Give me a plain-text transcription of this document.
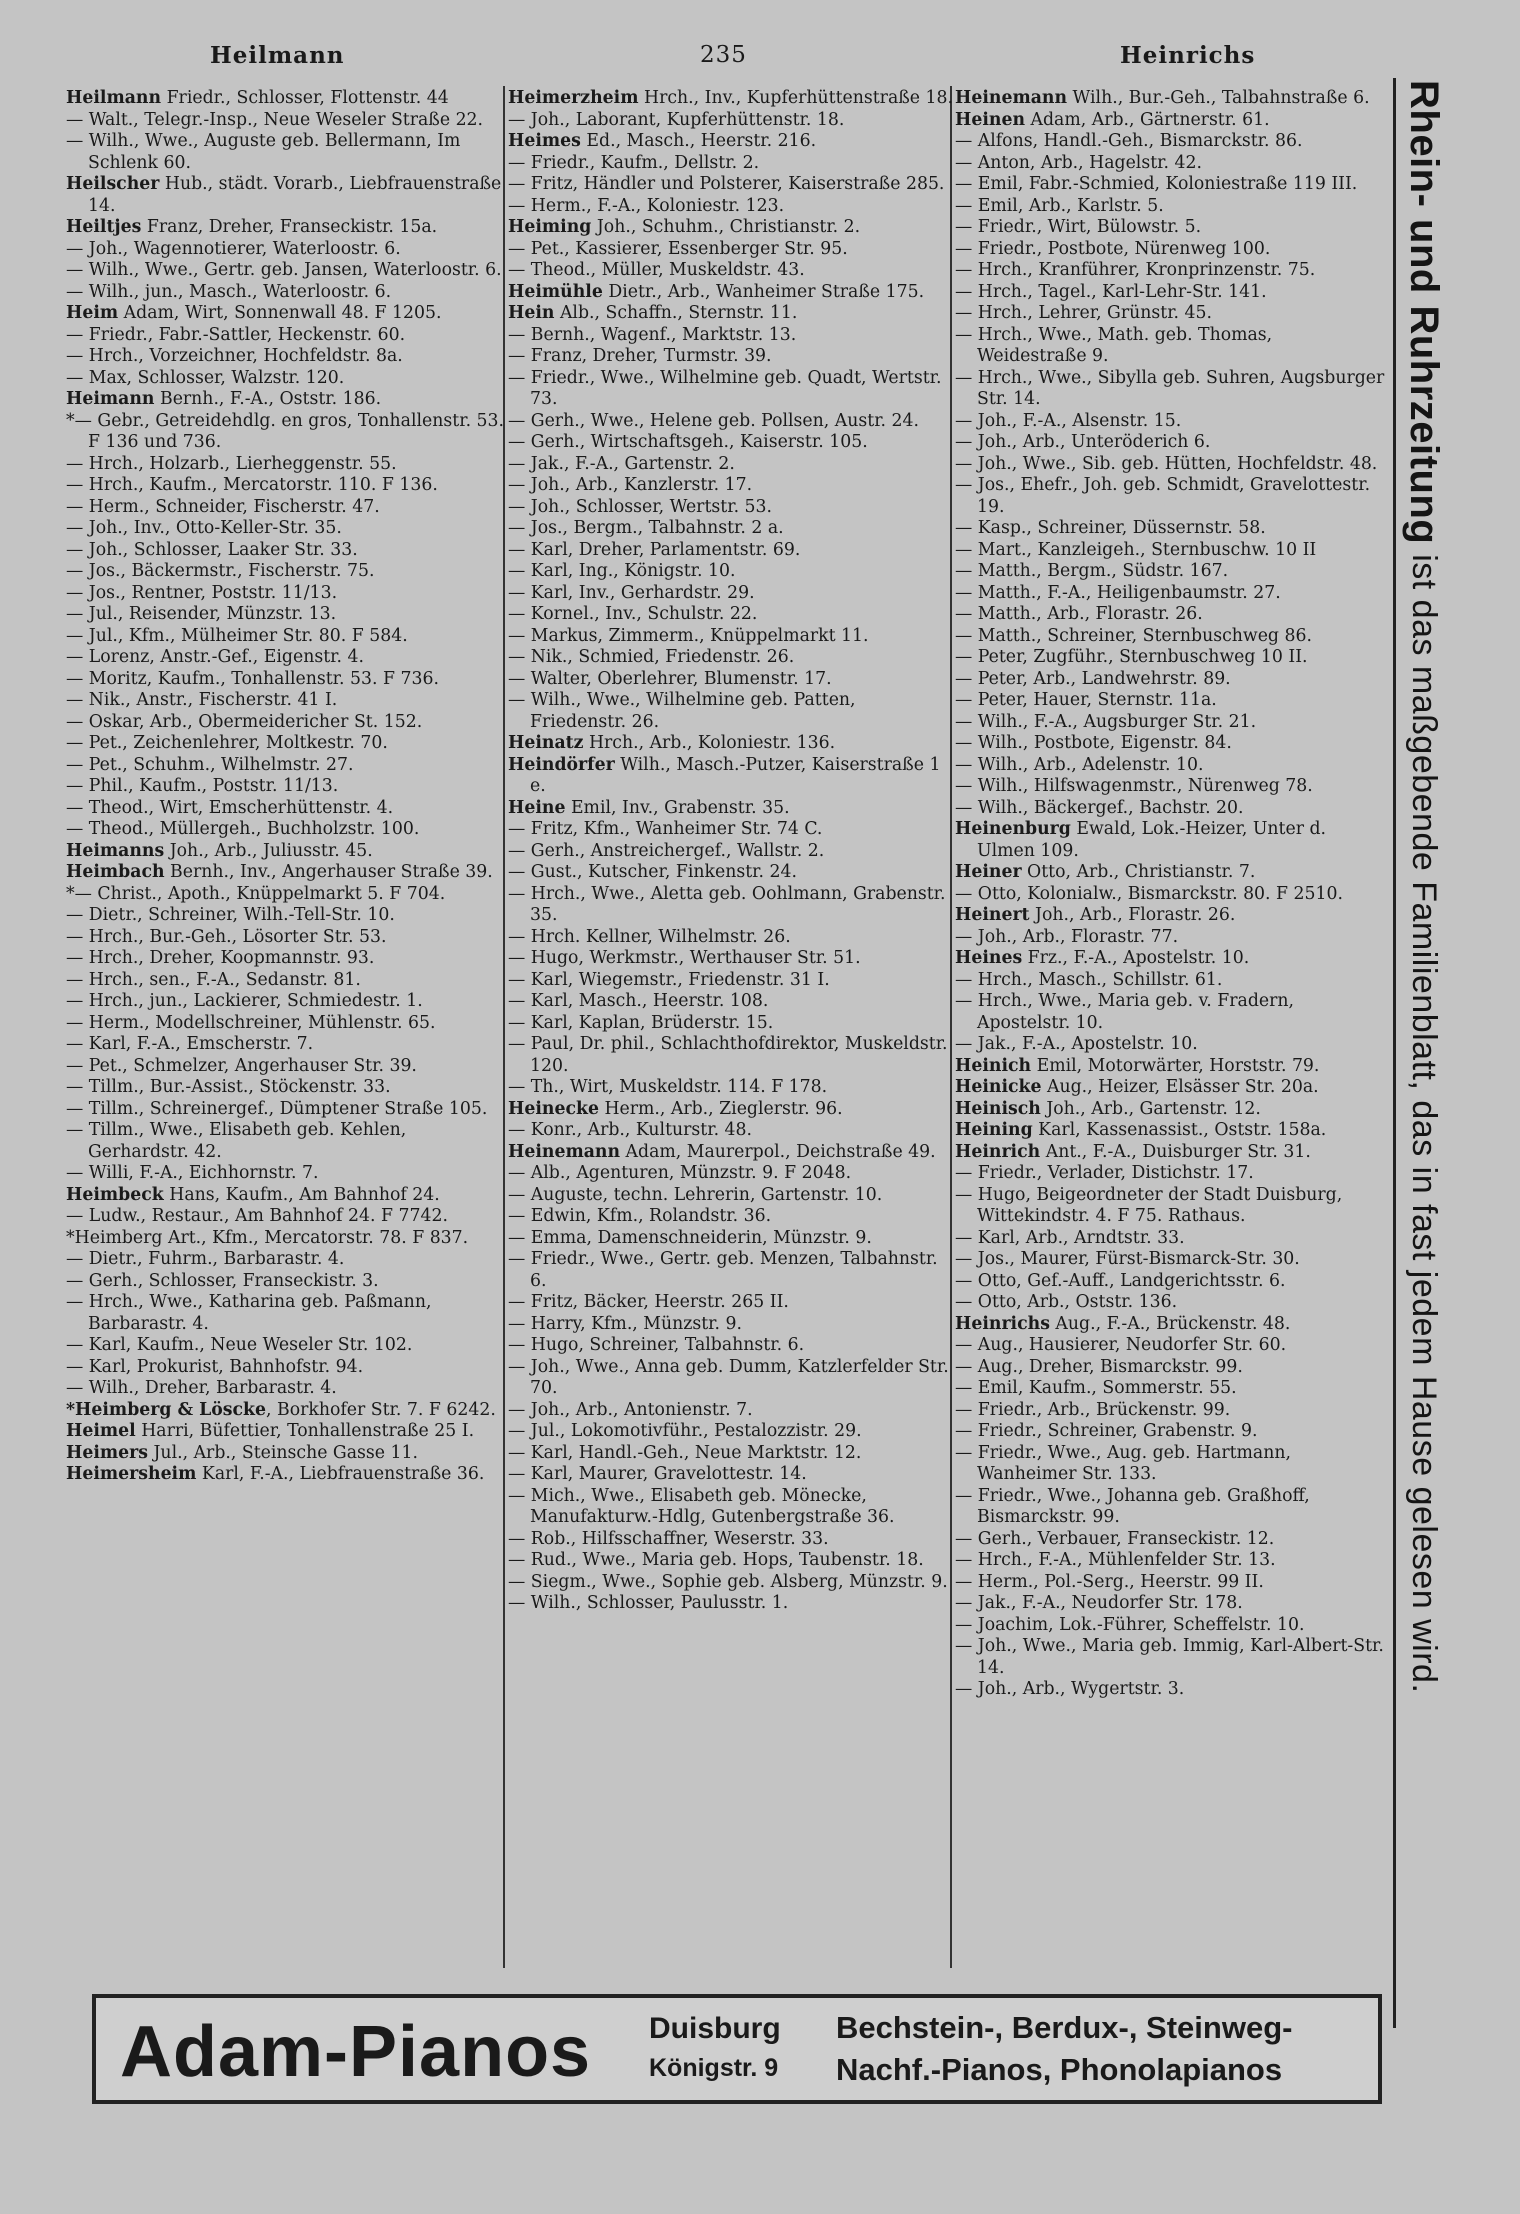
Heilmann	235	Heinrichs
Heilmann Friedr., Schlosser, Flottenstr. 44
— Walt., Telegr.-Insp., Neue Weseler Straße 22.
— Wilh., Wwe., Auguste geb. Bellermann, Im Schlenk 60.
Heilscher Hub., städt. Vorarb., Liebfrauenstraße 14.
Heiltjes Franz, Dreher, Franseckistr. 15a.
— Joh., Wagennotierer, Waterloostr. 6.
— Wilh., Wwe., Gertr. geb. Jansen, Waterloostr. 6.
— Wilh., jun., Masch., Waterloostr. 6.
Heim Adam, Wirt, Sonnenwall 48. F 1205.
— Friedr., Fabr.-Sattler, Heckenstr. 60.
— Hrch., Vorzeichner, Hochfeldstr. 8a.
— Max, Schlosser, Walzstr. 120.
Heimann Bernh., F.-A., Oststr. 186.
*— Gebr., Getreidehdlg. en gros, Tonhallenstr. 53. F 136 und 736.
— Hrch., Holzarb., Lierheggenstr. 55.
— Hrch., Kaufm., Mercatorstr. 110. F 136.
— Herm., Schneider, Fischerstr. 47.
— Joh., Inv., Otto-Keller-Str. 35.
— Joh., Schlosser, Laaker Str. 33.
— Jos., Bäckermstr., Fischerstr. 75.
— Jos., Rentner, Poststr. 11/13.
— Jul., Reisender, Münzstr. 13.
— Jul., Kfm., Mülheimer Str. 80. F 584.
— Lorenz, Anstr.-Gef., Eigenstr. 4.
— Moritz, Kaufm., Tonhallenstr. 53. F 736.
— Nik., Anstr., Fischerstr. 41 I.
— Oskar, Arb., Obermeidericher St. 152.
— Pet., Zeichenlehrer, Moltkestr. 70.
— Pet., Schuhm., Wilhelmstr. 27.
— Phil., Kaufm., Poststr. 11/13.
— Theod., Wirt, Emscherhüttenstr. 4.
— Theod., Müllergeh., Buchholzstr. 100.
Heimanns Joh., Arb., Juliusstr. 45.
Heimbach Bernh., Inv., Angerhauser Straße 39.
*— Christ., Apoth., Knüppelmarkt 5. F 704.
— Dietr., Schreiner, Wilh.-Tell-Str. 10.
— Hrch., Bur.-Geh., Lösorter Str. 53.
— Hrch., Dreher, Koopmannstr. 93.
— Hrch., sen., F.-A., Sedanstr. 81.
— Hrch., jun., Lackierer, Schmiedestr. 1.
— Herm., Modellschreiner, Mühlenstr. 65.
— Karl, F.-A., Emscherstr. 7.
— Pet., Schmelzer, Angerhauser Str. 39.
— Tillm., Bur.-Assist., Stöckenstr. 33.
— Tillm., Schreinergef., Dümptener Straße 105.
— Tillm., Wwe., Elisabeth geb. Kehlen, Gerhardstr. 42.
— Willi, F.-A., Eichhornstr. 7.
Heimbeck Hans, Kaufm., Am Bahnhof 24.
— Ludw., Restaur., Am Bahnhof 24. F 7742.
*Heimberg Art., Kfm., Mercatorstr. 78. F 837.
— Dietr., Fuhrm., Barbarastr. 4.
— Gerh., Schlosser, Franseckistr. 3.
— Hrch., Wwe., Katharina geb. Paßmann, Barbarastr. 4.
— Karl, Kaufm., Neue Weseler Str. 102.
— Karl, Prokurist, Bahnhofstr. 94.
— Wilh., Dreher, Barbarastr. 4.
*Heimberg & Löscke, Borkhofer Str. 7. F 6242.
Heimel Harri, Büfettier, Tonhallenstraße 25 I.
Heimers Jul., Arb., Steinsche Gasse 11.
Heimersheim Karl, F.-A., Liebfrauenstraße 36.
Heimerzheim Hrch., Inv., Kupferhüttenstraße 18.
— Joh., Laborant, Kupferhüttenstr. 18.
Heimes Ed., Masch., Heerstr. 216.
— Friedr., Kaufm., Dellstr. 2.
— Fritz, Händler und Polsterer, Kaiserstraße 285.
— Herm., F.-A., Koloniestr. 123.
Heiming Joh., Schuhm., Christianstr. 2.
— Pet., Kassierer, Essenberger Str. 95.
— Theod., Müller, Muskeldstr. 43.
Heimühle Dietr., Arb., Wanheimer Straße 175.
Hein Alb., Schaffn., Sternstr. 11.
— Bernh., Wagenf., Marktstr. 13.
— Franz, Dreher, Turmstr. 39.
— Friedr., Wwe., Wilhelmine geb. Quadt, Wertstr. 73.
— Gerh., Wwe., Helene geb. Pollsen, Austr. 24.
— Gerh., Wirtschaftsgeh., Kaiserstr. 105.
— Jak., F.-A., Gartenstr. 2.
— Joh., Arb., Kanzlerstr. 17.
— Joh., Schlosser, Wertstr. 53.
— Jos., Bergm., Talbahnstr. 2 a.
— Karl, Dreher, Parlamentstr. 69.
— Karl, Ing., Königstr. 10.
— Karl, Inv., Gerhardstr. 29.
— Kornel., Inv., Schulstr. 22.
— Markus, Zimmerm., Knüppelmarkt 11.
— Nik., Schmied, Friedenstr. 26.
— Walter, Oberlehrer, Blumenstr. 17.
— Wilh., Wwe., Wilhelmine geb. Patten, Friedenstr. 26.
Heinatz Hrch., Arb., Koloniestr. 136.
Heindörfer Wilh., Masch.-Putzer, Kaiserstraße 1 e.
Heine Emil, Inv., Grabenstr. 35.
— Fritz, Kfm., Wanheimer Str. 74 C.
— Gerh., Anstreichergef., Wallstr. 2.
— Gust., Kutscher, Finkenstr. 24.
— Hrch., Wwe., Aletta geb. Oohlmann, Grabenstr. 35.
— Hrch. Kellner, Wilhelmstr. 26.
— Hugo, Werkmstr., Werthauser Str. 51.
— Karl, Wiegemstr., Friedenstr. 31 I.
— Karl, Masch., Heerstr. 108.
— Karl, Kaplan, Brüderstr. 15.
— Paul, Dr. phil., Schlachthofdirektor, Muskeldstr. 120.
— Th., Wirt, Muskeldstr. 114. F 178.
Heinecke Herm., Arb., Zieglerstr. 96.
— Konr., Arb., Kulturstr. 48.
Heinemann Adam, Maurerpol., Deichstraße 49.
— Alb., Agenturen, Münzstr. 9. F 2048.
— Auguste, techn. Lehrerin, Gartenstr. 10.
— Edwin, Kfm., Rolandstr. 36.
— Emma, Damenschneiderin, Münzstr. 9.
— Friedr., Wwe., Gertr. geb. Menzen, Talbahnstr. 6.
— Fritz, Bäcker, Heerstr. 265 II.
— Harry, Kfm., Münzstr. 9.
— Hugo, Schreiner, Talbahnstr. 6.
— Joh., Wwe., Anna geb. Dumm, Katzlerfelder Str. 70.
— Joh., Arb., Antonienstr. 7.
— Jul., Lokomotivführ., Pestalozzistr. 29.
— Karl, Handl.-Geh., Neue Marktstr. 12.
— Karl, Maurer, Gravelottestr. 14.
— Mich., Wwe., Elisabeth geb. Mönecke, Manufakturw.-Hdlg, Gutenbergstraße 36.
— Rob., Hilfsschaffner, Weserstr. 33.
— Rud., Wwe., Maria geb. Hops, Taubenstr. 18.
— Siegm., Wwe., Sophie geb. Alsberg, Münzstr. 9.
— Wilh., Schlosser, Paulusstr. 1.
Heinemann Wilh., Bur.-Geh., Talbahnstraße 6.
Heinen Adam, Arb., Gärtnerstr. 61.
— Alfons, Handl.-Geh., Bismarckstr. 86.
— Anton, Arb., Hagelstr. 42.
— Emil, Fabr.-Schmied, Koloniestraße 119 III.
— Emil, Arb., Karlstr. 5.
— Friedr., Wirt, Bülowstr. 5.
— Friedr., Postbote, Nürenweg 100.
— Hrch., Kranführer, Kronprinzenstr. 75.
— Hrch., Tagel., Karl-Lehr-Str. 141.
— Hrch., Lehrer, Grünstr. 45.
— Hrch., Wwe., Math. geb. Thomas, Weidestraße 9.
— Hrch., Wwe., Sibylla geb. Suhren, Augsburger Str. 14.
— Joh., F.-A., Alsenstr. 15.
— Joh., Arb., Unteröderich 6.
— Joh., Wwe., Sib. geb. Hütten, Hochfeldstr. 48.
— Jos., Ehefr., Joh. geb. Schmidt, Gravelottestr. 19.
— Kasp., Schreiner, Düssernstr. 58.
— Mart., Kanzleigeh., Sternbuschw. 10 II
— Matth., Bergm., Südstr. 167.
— Matth., F.-A., Heiligenbaumstr. 27.
— Matth., Arb., Florastr. 26.
— Matth., Schreiner, Sternbuschweg 86.
— Peter, Zugführ., Sternbuschweg 10 II.
— Peter, Arb., Landwehrstr. 89.
— Peter, Hauer, Sternstr. 11a.
— Wilh., F.-A., Augsburger Str. 21.
— Wilh., Postbote, Eigenstr. 84.
— Wilh., Arb., Adelenstr. 10.
— Wilh., Hilfswagenmstr., Nürenweg 78.
— Wilh., Bäckergef., Bachstr. 20.
Heinenburg Ewald, Lok.-Heizer, Unter d. Ulmen 109.
Heiner Otto, Arb., Christianstr. 7.
— Otto, Kolonialw., Bismarckstr. 80. F 2510.
Heinert Joh., Arb., Florastr. 26.
— Joh., Arb., Florastr. 77.
Heines Frz., F.-A., Apostelstr. 10.
— Hrch., Masch., Schillstr. 61.
— Hrch., Wwe., Maria geb. v. Fradern, Apostelstr. 10.
— Jak., F.-A., Apostelstr. 10.
Heinich Emil, Motorwärter, Horststr. 79.
Heinicke Aug., Heizer, Elsässer Str. 20a.
Heinisch Joh., Arb., Gartenstr. 12.
Heining Karl, Kassenassist., Oststr. 158a.
Heinrich Ant., F.-A., Duisburger Str. 31.
— Friedr., Verlader, Distichstr. 17.
— Hugo, Beigeordneter der Stadt Duisburg, Wittekindstr. 4. F 75. Rathaus.
— Karl, Arb., Arndtstr. 33.
— Jos., Maurer, Fürst-Bismarck-Str. 30.
— Otto, Gef.-Auff., Landgerichtsstr. 6.
— Otto, Arb., Oststr. 136.
Heinrichs Aug., F.-A., Brückenstr. 48.
— Aug., Hausierer, Neudorfer Str. 60.
— Aug., Dreher, Bismarckstr. 99.
— Emil, Kaufm., Sommerstr. 55.
— Friedr., Arb., Brückenstr. 99.
— Friedr., Schreiner, Grabenstr. 9.
— Friedr., Wwe., Aug. geb. Hartmann, Wanheimer Str. 133.
— Friedr., Wwe., Johanna geb. Graßhoff, Bismarckstr. 99.
— Gerh., Verbauer, Franseckistr. 12.
— Hrch., F.-A., Mühlenfelder Str. 13.
— Herm., Pol.-Serg., Heerstr. 99 II.
— Jak., F.-A., Neudorfer Str. 178.
— Joachim, Lok.-Führer, Scheffelstr. 10.
— Joh., Wwe., Maria geb. Immig, Karl-Albert-Str. 14.
— Joh., Arb., Wygertstr. 3.
Rhein- und Ruhrzeitung ist das maßgebende Familienblatt, das in fast jedem Hause gelesen wird.
Adam-Pianos Duisburg
Königstr. 9
Bechstein-, Berdux-, Steinweg-
Nachf.-Pianos, Phonolapianos
